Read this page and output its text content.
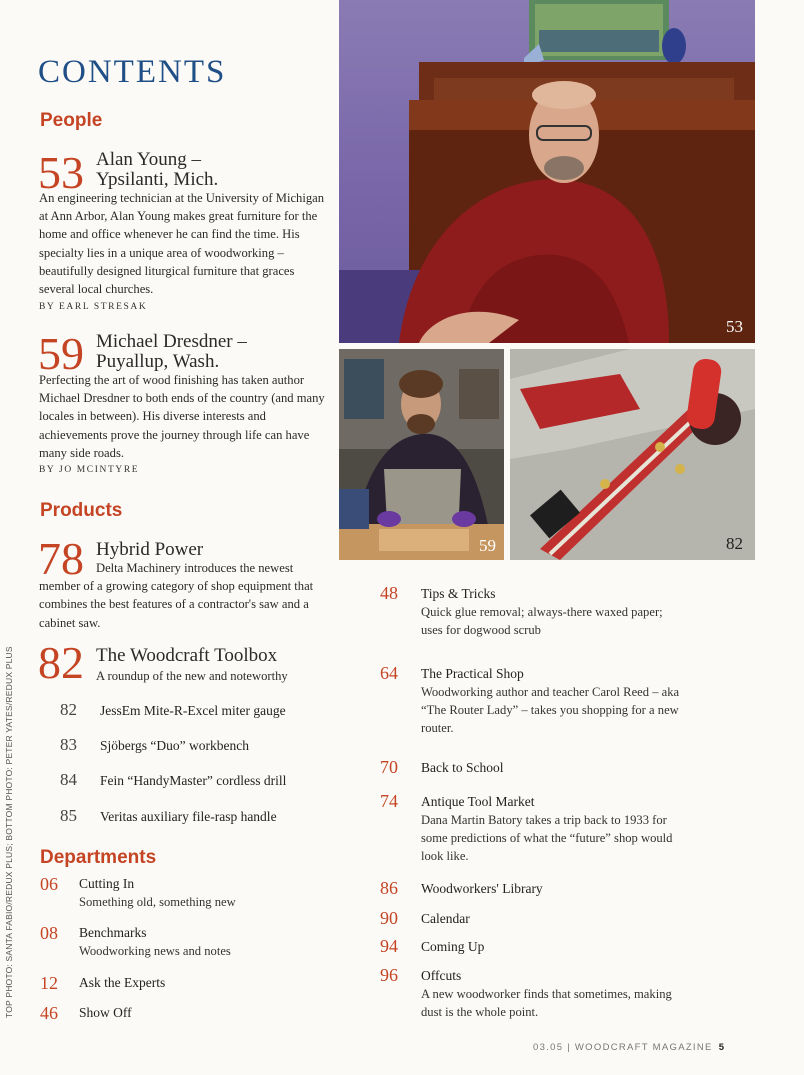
TOP PHOTO: SANTA FABIO/REDUX PLUS; BOTTOM PHOTO: PETER YATES/REDUX PLUS
CONTENTS
People
53 Alan Young –
Ypsilanti, Mich.
An engineering technician at the University of Michigan at Ann Arbor, Alan Young makes great furniture for the home and office whenever he can find the time. His specialty lies in a unique area of woodworking – beautifully designed liturgical furniture that graces several local churches.
BY EARL STRESAK
59 Michael Dresdner –
Puyallup, Wash.
Perfecting the art of wood finishing has taken author Michael Dresdner to both ends of the country (and many locales in between). His diverse interests and achievements prove the journey through life can have many side roads.
BY JO MCINTYRE
Products
78 Hybrid Power
Delta Machinery introduces the newest member of a growing category of shop equipment that combines the best features of a contractor's saw and a cabinet saw.
82 The Woodcraft Toolbox
A roundup of the new and noteworthy
82 JessEm Mite-R-Excel miter gauge
83 Sjöbergs “Duo” workbench
84 Fein “HandyMaster” cordless drill
85 Veritas auxiliary file-rasp handle
Departments
06 Cutting In
Something old, something new
08 Benchmarks
Woodworking news and notes
12 Ask the Experts
46 Show Off
53
59	82
48 Tips & Tricks
Quick glue removal; always-there waxed paper; uses for dogwood scrub
64 The Practical Shop
Woodworking author and teacher Carol Reed – aka “The Router Lady” – takes you shopping for a new router.
70 Back to School
74 Antique Tool Market
Dana Martin Batory takes a trip back to 1933 for some predictions of what the “future” shop would look like.
86 Woodworkers' Library
90 Calendar
94 Coming Up
96 Offcuts
A new woodworker finds that sometimes, making dust is the whole point.
03.05 | WOODCRAFT MAGAZINE 5
